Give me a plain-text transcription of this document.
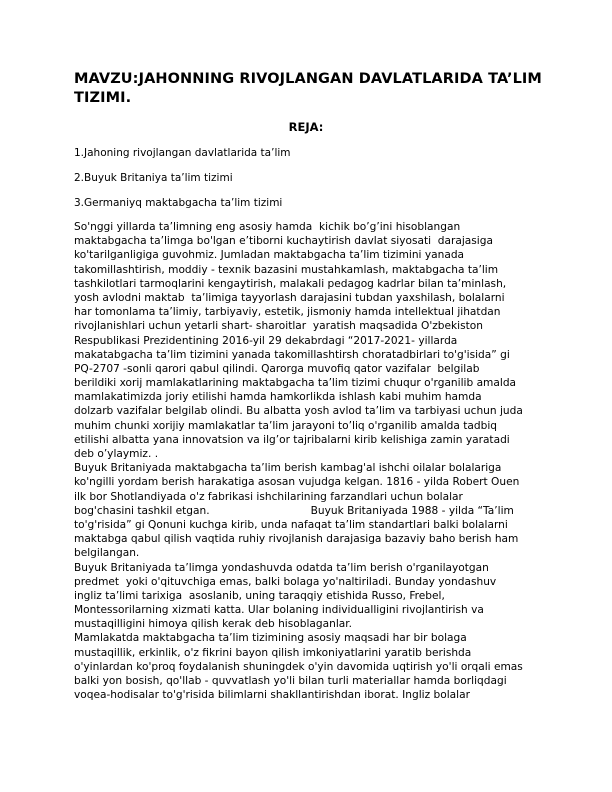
MAVZU:JAHONNING RIVOJLANGAN DAVLATLARIDA TA’LIM TIZIMI.
REJA:
1.Jahoning rivojlangan davlatlarida ta’lim
2.Buyuk Britaniya ta’lim tizimi
3.Germaniyq maktabgacha ta’lim tizimi
So'nggi yillarda ta’limning eng asosiy hamda  kichik bo’g’ini hisoblangan
maktabgacha ta’limga bo'lgan e’tiborni kuchaytirish davlat siyosati  darajasiga
ko'tarilganligiga guvohmiz. Jumladan maktabgacha ta’lim tizimini yanada
takomillashtirish, moddiy - texnik bazasini mustahkamlash, maktabgacha ta’lim
tashkilotlari tarmoqlarini kengaytirish, malakali pedagog kadrlar bilan ta’minlash,
yosh avlodni maktab  ta’limiga tayyorlash darajasini tubdan yaxshilash, bolalarni
har tomonlama ta’limiy, tarbiyaviy, estetik, jismoniy hamda intellektual jihatdan
rivojlanishlari uchun yetarli shart- sharoitlar  yaratish maqsadida O'zbekiston
Respublikasi Prezidentining 2016-yil 29 dekabrdagi “2017-2021- yillarda
makatabgacha ta’lim tizimini yanada takomillashtirsh choratadbirlari to'g'isida” gi
PQ-2707 -sonli qarori qabul qilindi. Qarorga muvofiq qator vazifalar  belgilab
berildiki xorij mamlakatlarining maktabgacha ta’lim tizimi chuqur o'rganilib amalda
mamlakatimizda joriy etilishi hamda hamkorlikda ishlash kabi muhim hamda
dolzarb vazifalar belgilab olindi. Bu albatta yosh avlod ta’lim va tarbiyasi uchun juda
muhim chunki xorijiy mamlakatlar ta’lim jarayoni to’liq o'rganilib amalda tadbiq
etilishi albatta yana innovatsion va ilg’or tajribalarni kirib kelishiga zamin yaratadi
deb o’ylaymiz. .
Buyuk Britaniyada maktabgacha ta’lim berish kambag'al ishchi oilalar bolalariga
ko'ngilli yordam berish harakatiga asosan vujudga kelgan. 1816 - yilda Robert Ouen
ilk bor Shotlandiyada o'z fabrikasi ishchilarining farzandlari uchun bolalar
bog'chasini tashkil etgan.                              Buyuk Britaniyada 1988 - yilda “Ta’lim
to'g'risida” gi Qonuni kuchga kirib, unda nafaqat ta’lim standartlari balki bolalarni
maktabga qabul qilish vaqtida ruhiy rivojlanish darajasiga bazaviy baho berish ham
belgilangan.
Buyuk Britaniyada ta’limga yondashuvda odatda ta’lim berish o'rganilayotgan
predmet  yoki o'qituvchiga emas, balki bolaga yo'naltiriladi. Bunday yondashuv
ingliz ta’limi tarixiga  asoslanib, uning taraqqiy etishida Russo, Frebel,
Montessorilarning xizmati katta. Ular bolaning individualligini rivojlantirish va
mustaqilligini himoya qilish kerak deb hisoblaganlar.
Mamlakatda maktabgacha ta’lim tizimining asosiy maqsadi har bir bolaga
mustaqillik, erkinlik, o'z fikrini bayon qilish imkoniyatlarini yaratib berishda
o'yinlardan ko'proq foydalanish shuningdek o'yin davomida uqtirish yo'li orqali emas
balki yon bosish, qo'llab - quvvatlash yo'li bilan turli materiallar hamda borliqdagi
voqea-hodisalar to'g'risida bilimlarni shakllantirishdan iborat. Ingliz bolalar
